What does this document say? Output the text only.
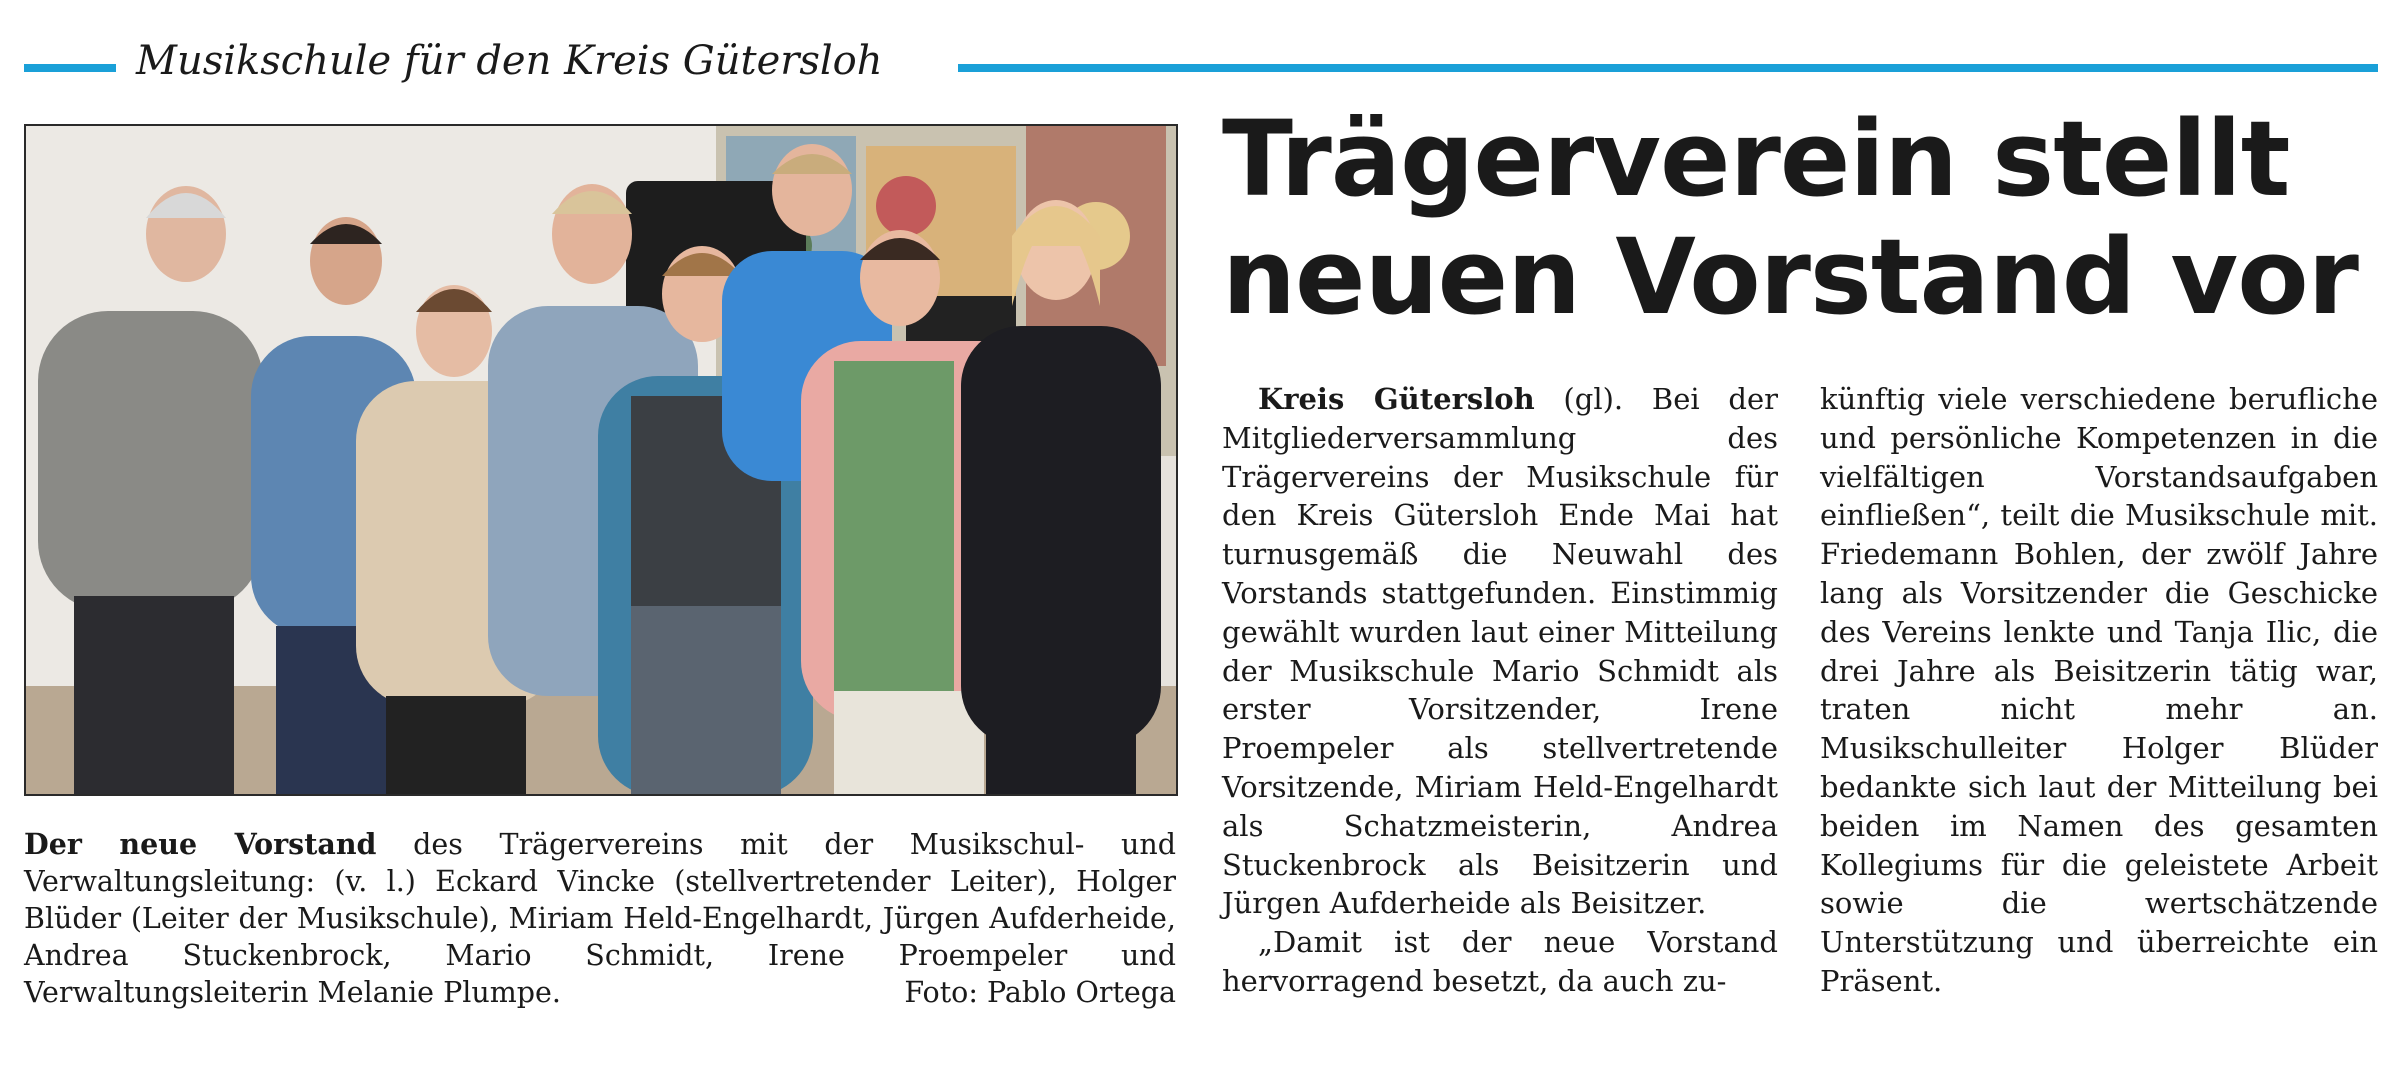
Musikschule für den Kreis Gütersloh
Der neue Vorstand des Trägervereins mit der Musikschul- und Verwaltungsleitung: (v. l.) Eckard Vincke (stellvertretender Leiter), Holger Blüder (Leiter der Musikschule), Miriam Held-Engelhardt, Jürgen Aufderheide, Andrea Stuckenbrock, Mario Schmidt, Irene Proempeler und Verwaltungsleiterin Melanie Plumpe.	Foto: Pablo Ortega
Trägerverein stellt
neuen Vorstand vor

Kreis Gütersloh (gl). Bei der Mitgliederversammlung des Trägervereins der Musikschule für den Kreis Gütersloh Ende Mai hat turnusgemäß die Neuwahl des Vorstands stattgefunden. Einstimmig gewählt wurden laut einer Mitteilung der Musikschule Mario Schmidt als erster Vorsitzender, Irene Proempeler als stellvertretende Vorsitzende, Miriam Held-Engelhardt als Schatzmeisterin, Andrea Stuckenbrock als Beisitzerin und Jürgen Aufderheide als Beisitzer.

„Damit ist der neue Vorstand hervorragend besetzt, da auch zu-

künftig viele verschiedene berufliche und persönliche Kompetenzen in die vielfältigen Vorstandsaufgaben einfließen“, teilt die Musikschule mit. Friedemann Bohlen, der zwölf Jahre lang als Vorsitzender die Geschicke des Vereins lenkte und Tanja Ilic, die drei Jahre als Beisitzerin tätig war, traten nicht mehr an. Musikschulleiter Holger Blüder bedankte sich laut der Mitteilung bei beiden im Namen des gesamten Kollegiums für die geleistete Arbeit sowie die wertschätzende Unterstützung und überreichte ein Präsent.
